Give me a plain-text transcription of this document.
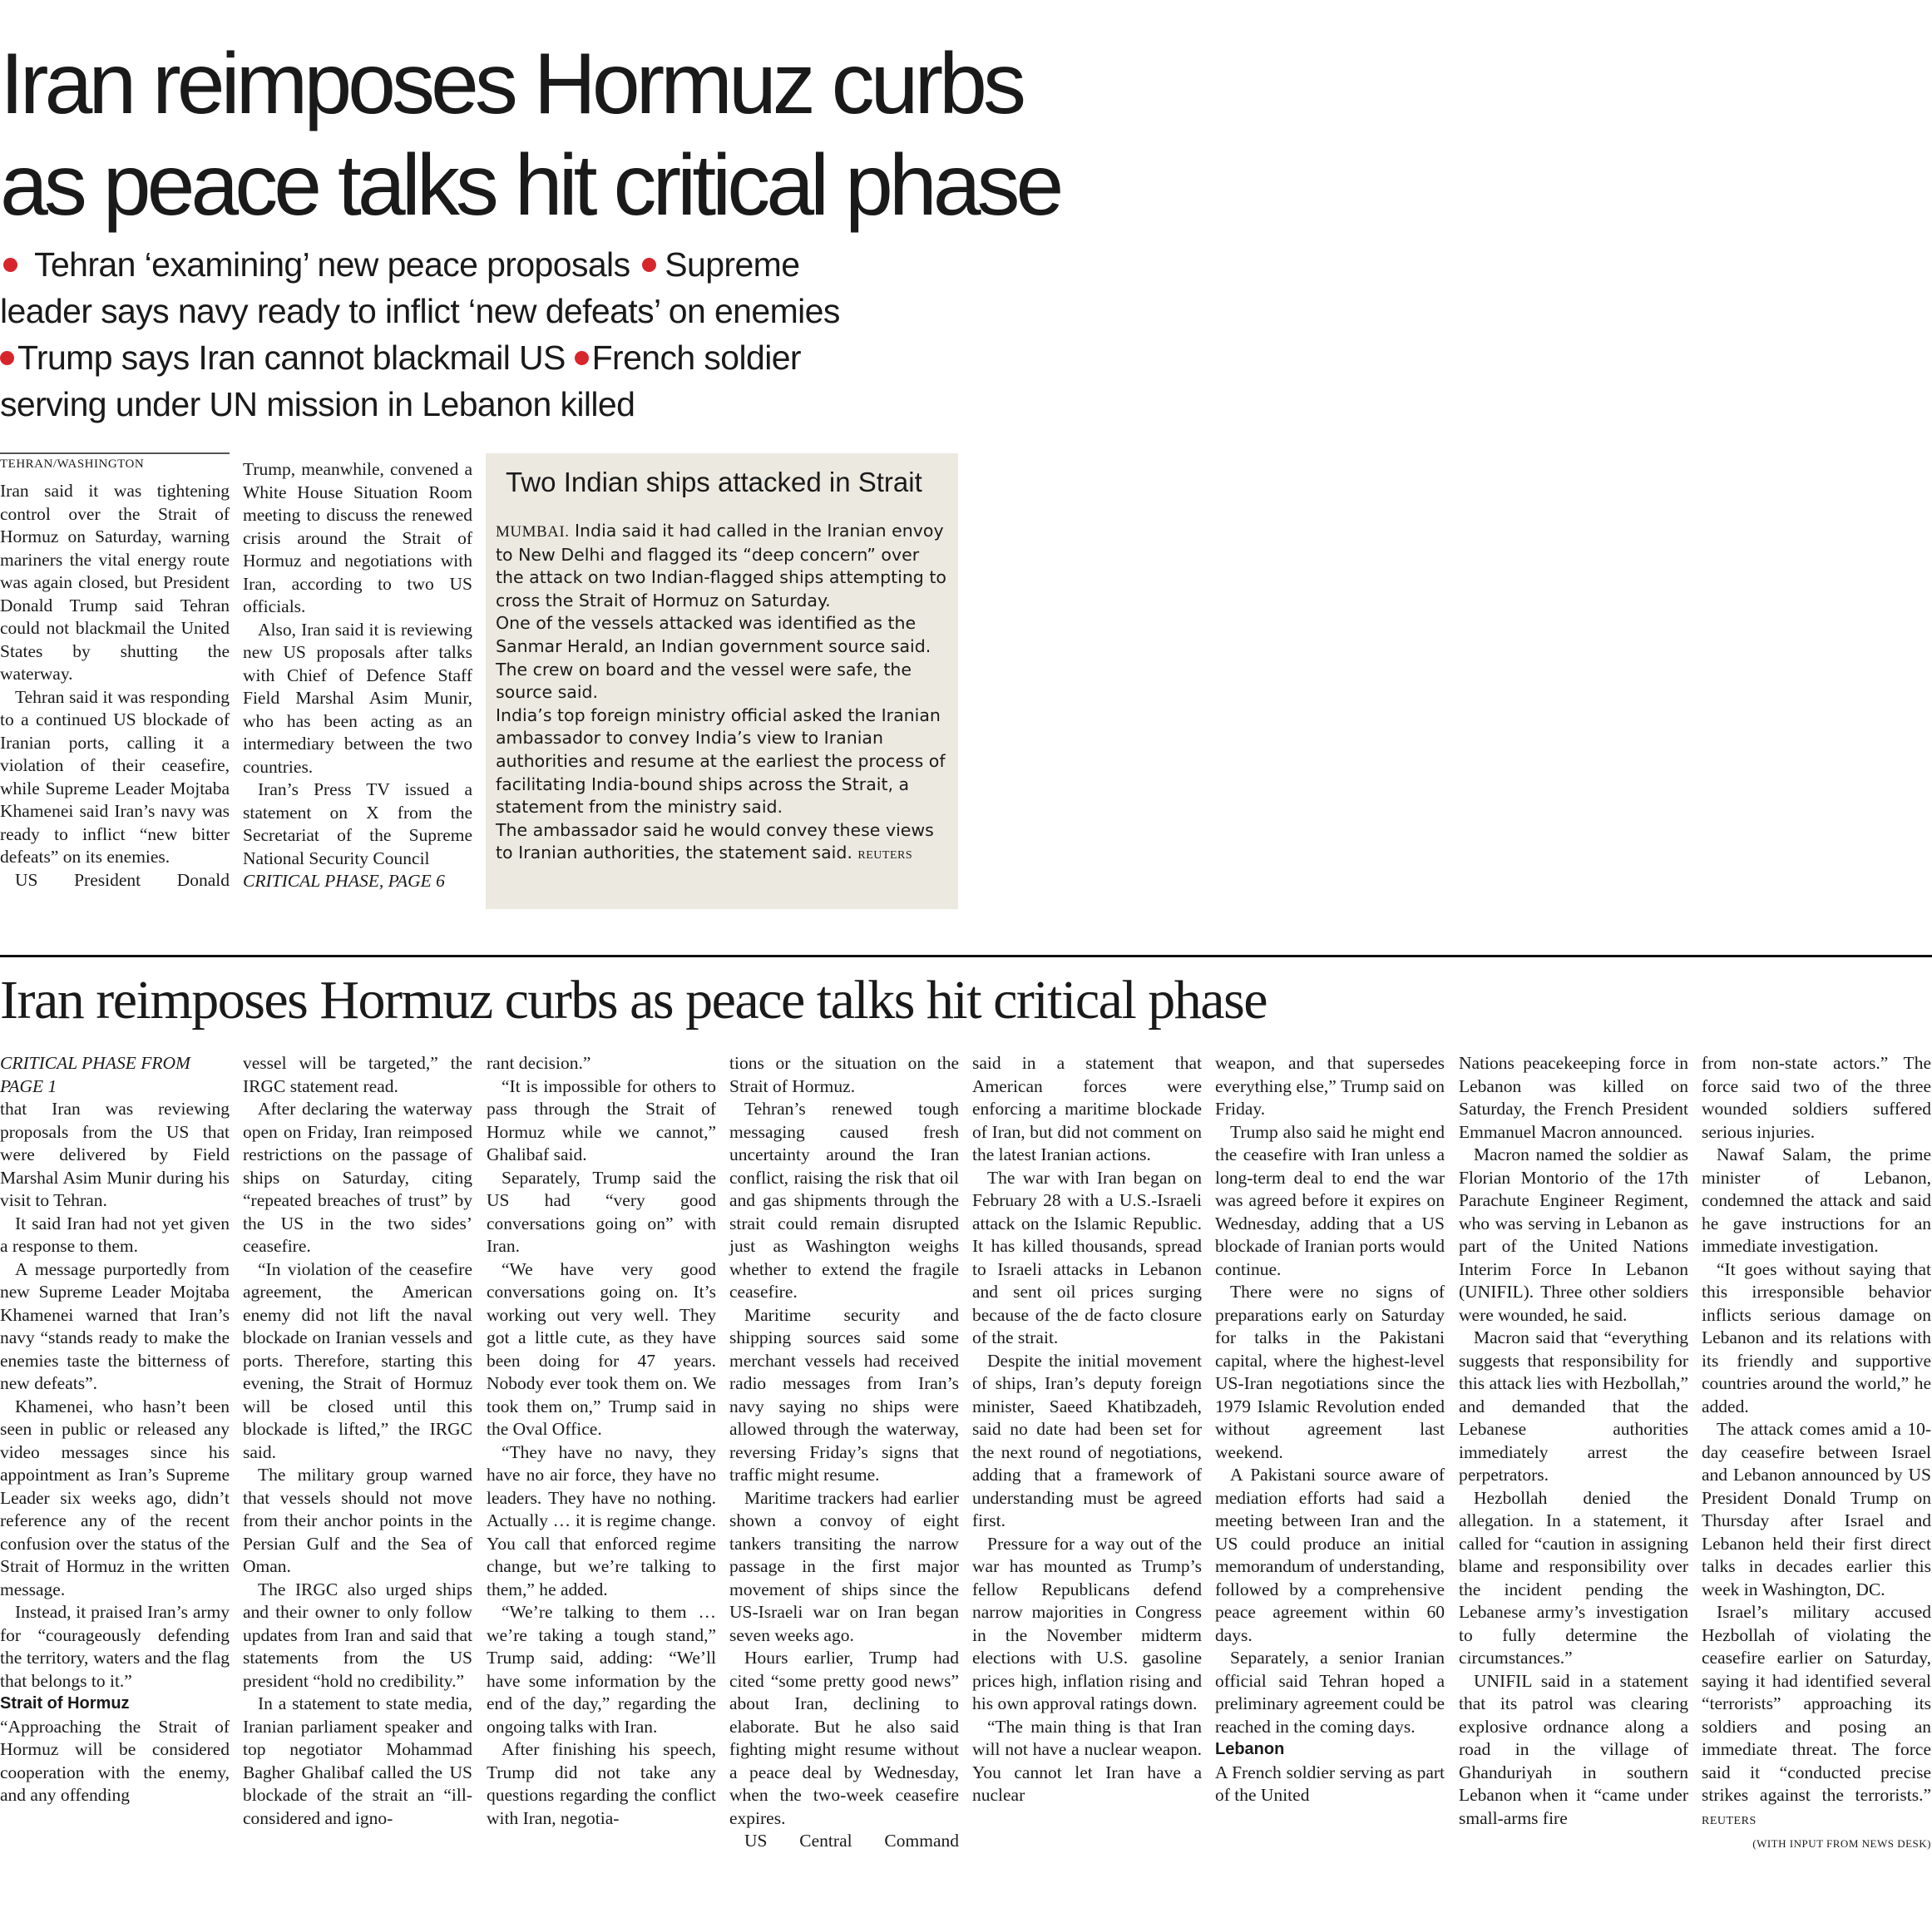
Iran reimposes Hormuz curbs
as peace talks hit critical phase
Tehran ‘examining’ new peace proposals Supreme
leader says navy ready to inflict ‘new defeats’ on enemies
Trump says Iran cannot blackmail US French soldier
serving under UN mission in Lebanon killed
TEHRAN/WASHINGTON

Iran said it was tightening control over the Strait of Hormuz on Saturday, warning mariners the vital energy route was again closed, but President Donald Trump said Tehran could not blackmail the United States by shutting the waterway.

Tehran said it was responding to a continued US blockade of Iranian ports, calling it a violation of their ceasefire, while Supreme Leader Mojtaba Khamenei said Iran’s navy was ready to inflict “new bitter defeats” on its enemies.

US President Donald

Trump, meanwhile, convened a White House Situation Room meeting to discuss the renewed crisis around the Strait of Hormuz and negotiations with Iran, according to two US officials.

Also, Iran said it is reviewing new US proposals after talks with Chief of Defence Staff Field Marshal Asim Munir, who has been acting as an intermediary between the two countries.

Iran’s Press TV issued a statement on X from the Secretariat of the Supreme National Security Council

CRITICAL PHASE, PAGE 6

Two Indian ships attacked in Strait

MUMBAI. India said it had called in the Iranian envoy to New Delhi and flagged its “deep concern” over the attack on two Indian-flagged ships attempting to cross the Strait of Hormuz on Saturday.

One of the vessels attacked was identified as the Sanmar Herald, an Indian government source said. The crew on board and the vessel were safe, the source said.

India’s top foreign ministry official asked the Iranian ambassador to convey India’s view to Iranian authorities and resume at the earliest the process of facilitating India-bound ships across the Strait, a statement from the ministry said.

The ambassador said he would convey these views to Iranian authorities, the statement said. REUTERS

Iran reimposes Hormuz curbs as peace talks hit critical phase

CRITICAL PHASE FROM PAGE 1

that Iran was reviewing proposals from the US that were delivered by Field Marshal Asim Munir during his visit to Tehran.

It said Iran had not yet given a response to them.

A message purportedly from new Supreme Leader Mojtaba Khamenei warned that Iran’s navy “stands ready to make the enemies taste the bitterness of new defeats”.

Khamenei, who hasn’t been seen in public or released any video messages since his appointment as Iran’s Supreme Leader six weeks ago, didn’t reference any of the recent confusion over the status of the Strait of Hormuz in the written message.

Instead, it praised Iran’s army for “courageously defending the territory, waters and the flag that belongs to it.”

Strait of Hormuz

“Approaching the Strait of Hormuz will be considered cooperation with the enemy, and any offending

vessel will be targeted,” the IRGC statement read.

After declaring the waterway open on Friday, Iran reimposed restrictions on the passage of ships on Saturday, citing “repeated breaches of trust” by the US in the two sides’ ceasefire.

“In violation of the ceasefire agreement, the American enemy did not lift the naval blockade on Iranian vessels and ports. Therefore, starting this evening, the Strait of Hormuz will be closed until this blockade is lifted,” the IRGC said.

The military group warned that vessels should not move from their anchor points in the Persian Gulf and the Sea of Oman.

The IRGC also urged ships and their owner to only follow updates from Iran and said that statements from the US president “hold no credibility.”

In a statement to state media, Iranian parliament speaker and top negotiator Mohammad Bagher Ghalibaf called the US blockade of the strait an “ill-considered and igno-

rant decision.”

“It is impossible for others to pass through the Strait of Hormuz while we cannot,” Ghalibaf said.

Separately, Trump said the US had “very good conversations going on” with Iran.

“We have very good conversations going on. It’s working out very well. They got a little cute, as they have been doing for 47 years. Nobody ever took them on. We took them on,” Trump said in the Oval Office.

“They have no navy, they have no air force, they have no leaders. They have no nothing. Actually … it is regime change. You call that enforced regime change, but we’re talking to them,” he added.

“We’re talking to them … we’re taking a tough stand,” Trump said, adding: “We’ll have some information by the end of the day,” regarding the ongoing talks with Iran.

After finishing his speech, Trump did not take any questions regarding the conflict with Iran, negotia-

tions or the situation on the Strait of Hormuz.

Tehran’s renewed tough messaging caused fresh uncertainty around the Iran conflict, raising the risk that oil and gas shipments through the strait could remain disrupted just as Washington weighs whether to extend the fragile ceasefire.

Maritime security and shipping sources said some merchant vessels had received radio messages from Iran’s navy saying no ships were allowed through the waterway, reversing Friday’s signs that traffic might resume.

Maritime trackers had earlier shown a convoy of eight tankers transiting the narrow passage in the first major movement of ships since the US-Israeli war on Iran began seven weeks ago.

Hours earlier, Trump had cited “some pretty good news” about Iran, declining to elaborate. But he also said fighting might resume without a peace deal by Wednesday, when the two-week ceasefire expires.

US Central Command

said in a statement that American forces were enforcing a maritime blockade of Iran, but did not comment on the latest Iranian actions.

The war with Iran began on February 28 with a U.S.-Israeli attack on the Islamic Republic. It has killed thousands, spread to Israeli attacks in Lebanon and sent oil prices surging because of the de facto closure of the strait.

Despite the initial movement of ships, Iran’s deputy foreign minister, Saeed Khatibzadeh, said no date had been set for the next round of negotiations, adding that a framework of understanding must be agreed first.

Pressure for a way out of the war has mounted as Trump’s fellow Republicans defend narrow majorities in Congress in the November midterm elections with U.S. gasoline prices high, inflation rising and his own approval ratings down.

“The main thing is that Iran will not have a nuclear weapon. You cannot let Iran have a nuclear

weapon, and that supersedes everything else,” Trump said on Friday.

Trump also said he might end the ceasefire with Iran unless a long-term deal to end the war was agreed before it expires on Wednesday, adding that a US blockade of Iranian ports would continue.

There were no signs of preparations early on Saturday for talks in the Pakistani capital, where the highest-level US-Iran negotiations since the 1979 Islamic Revolution ended without agreement last weekend.

A Pakistani source aware of mediation efforts had said a meeting between Iran and the US could produce an initial memorandum of understanding, followed by a comprehensive peace agreement within 60 days.

Separately, a senior Iranian official said Tehran hoped a preliminary agreement could be reached in the coming days.

Lebanon

A French soldier serving as part of the United

Nations peacekeeping force in Lebanon was killed on Saturday, the French President Emmanuel Macron announced.

Macron named the soldier as Florian Montorio of the 17th Parachute Engineer Regiment, who was serving in Lebanon as part of the United Nations Interim Force In Lebanon (UNIFIL). Three other soldiers were wounded, he said.

Macron said that “everything suggests that responsibility for this attack lies with Hezbollah,” and demanded that the Lebanese authorities immediately arrest the perpetrators.

Hezbollah denied the allegation. In a statement, it called for “caution in assigning blame and responsibility over the incident pending the Lebanese army’s investigation to fully determine the circumstances.”

UNIFIL said in a statement that its patrol was clearing explosive ordnance along a road in the village of Ghanduriyah in southern Lebanon when it “came under small-arms fire

from non-state actors.” The force said two of the three wounded soldiers suffered serious injuries.

Nawaf Salam, the prime minister of Lebanon, condemned the attack and said he gave instructions for an immediate investigation.

“It goes without saying that this irresponsible behavior inflicts serious damage on Lebanon and its relations with its friendly and supportive countries around the world,” he added.

The attack comes amid a 10-day ceasefire between Israel and Lebanon announced by US President Donald Trump on Thursday after Israel and Lebanon held their first direct talks in decades earlier this week in Washington, DC.

Israel’s military accused Hezbollah of violating the ceasefire earlier on Saturday, saying it had identified several “terrorists” approaching its soldiers and posing an immediate threat. The force said it “conducted precise strikes against the terrorists.” REUTERS

(WITH INPUT FROM NEWS DESK)
